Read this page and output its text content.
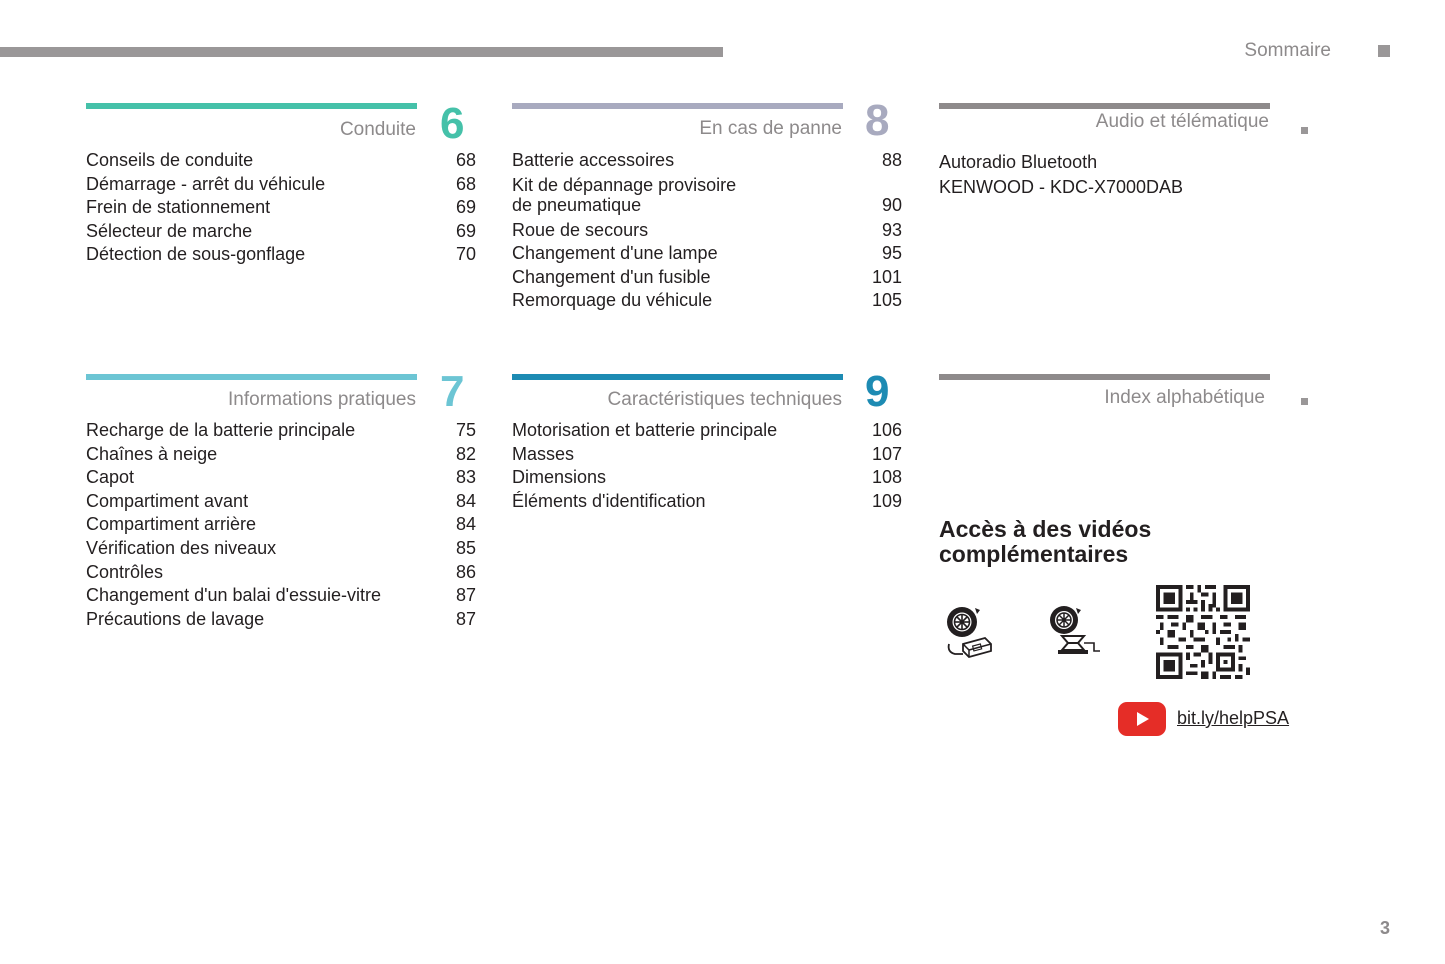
Sommaire
Conduite 6
Conseils de conduite	68
Démarrage - arrêt du véhicule	68
Frein de stationnement	69
Sélecteur de marche	69
Détection de sous-gonflage	70
En cas de panne 8
Batterie accessoires	88
Kit de dépannage provisoire
de pneumatique	90
Roue de secours	93
Changement d'une lampe	95
Changement d'un fusible	101
Remorquage du véhicule	105
Audio et télématique
Autoradio Bluetooth
KENWOOD - KDC-X7000DAB
Informations pratiques 7
Recharge de la batterie principale	75
Chaînes à neige	82
Capot	83
Compartiment avant	84
Compartiment arrière	84
Vérification des niveaux	85
Contrôles	86
Changement d'un balai d'essuie-vitre	87
Précautions de lavage	87
Caractéristiques techniques 9
Motorisation et batterie principale	106
Masses	107
Dimensions	108
Éléments d'identification	109
Index alphabétique
Accès à des vidéos
complémentaires
bit.ly/helpPSA
3
